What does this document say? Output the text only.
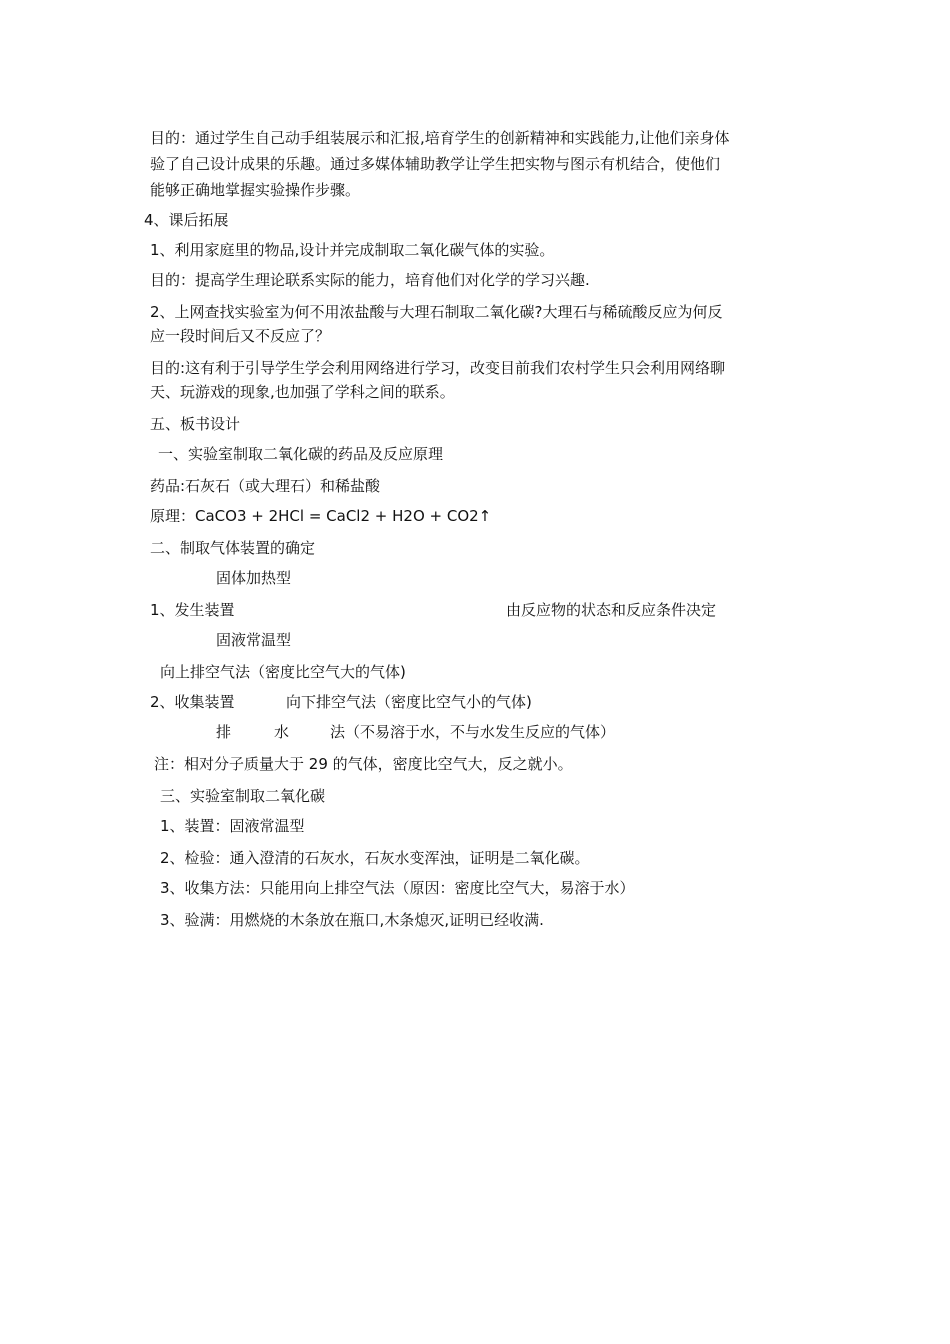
目的：通过学生自己动手组装展示和汇报,培育学生的创新精神和实践能力,让他们亲身体
验了自己设计成果的乐趣。通过多媒体辅助教学让学生把实物与图示有机结合，使他们
能够正确地掌握实验操作步骤。
4、课后拓展
1、利用家庭里的物品,设计并完成制取二氧化碳气体的实验。
目的：提高学生理论联系实际的能力，培育他们对化学的学习兴趣.
2、上网查找实验室为何不用浓盐酸与大理石制取二氧化碳?大理石与稀硫酸反应为何反
应一段时间后又不反应了？
目的:这有利于引导学生学会利用网络进行学习，改变目前我们农村学生只会利用网络聊
天、玩游戏的现象,也加强了学科之间的联系。
五、板书设计
一、实验室制取二氧化碳的药品及反应原理
药品:石灰石（或大理石）和稀盐酸
原理：CaCO3 + 2HCl = CaCl2 + H2O + CO2↑
二、制取气体装置的确定
固体加热型
1、发生装置	由反应物的状态和反应条件决定
固液常温型
向上排空气法（密度比空气大的气体)
2、收集装置	向下排空气法（密度比空气小的气体)
排	水	法（不易溶于水，不与水发生反应的气体）
注：相对分子质量大于 29 的气体，密度比空气大，反之就小。
三、实验室制取二氧化碳
1、装置：固液常温型
2、检验：通入澄清的石灰水，石灰水变浑浊，证明是二氧化碳。
3、收集方法：只能用向上排空气法（原因：密度比空气大，易溶于水）
3、验满：用燃烧的木条放在瓶口,木条熄灭,证明已经收满.
